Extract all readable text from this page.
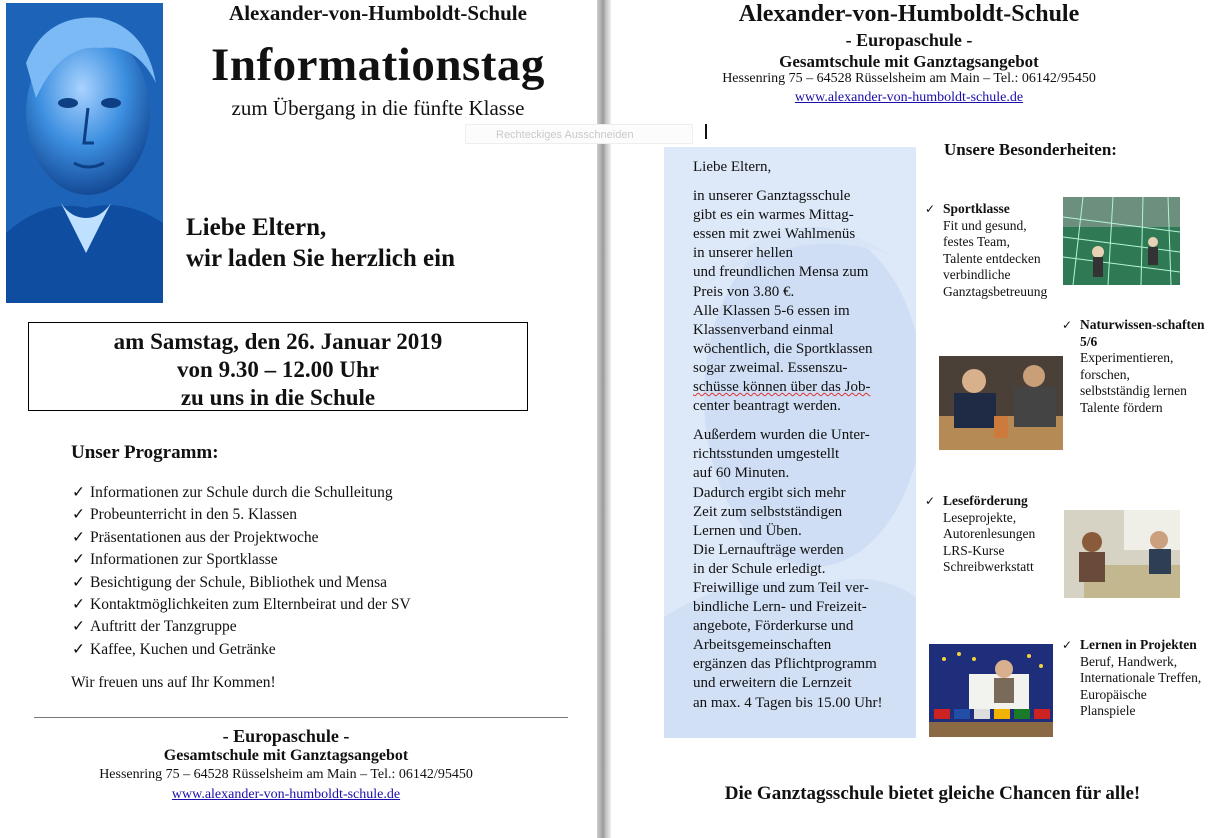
Alexander-von-Humboldt-Schule
Informationstag
zum Übergang in die fünfte Klasse
Liebe Eltern,
wir laden Sie herzlich ein
am Samstag, den 26. Januar 2019
von 9.30 – 12.00 Uhr
zu uns in die Schule
Unser Programm:
✓ Informationen zur Schule durch die Schulleitung
✓ Probeunterricht in den 5. Klassen
✓ Präsentationen aus der Projektwoche
✓ Informationen zur Sportklasse
✓ Besichtigung der Schule, Bibliothek und Mensa
✓ Kontaktmöglichkeiten zum Elternbeirat und der SV
✓ Auftritt der Tanzgruppe
✓ Kaffee, Kuchen und Getränke
Wir freuen uns auf Ihr Kommen!
- Europaschule -
Gesamtschule mit Ganztagsangebot
Hessenring 75 – 64528 Rüsselsheim am Main – Tel.: 06142/95450
www.alexander-von-humboldt-schule.de
Alexander-von-Humboldt-Schule
- Europaschule -
Gesamtschule mit Ganztagsangebot
Hessenring 75 – 64528 Rüsselsheim am Main – Tel.: 06142/95450
www.alexander-von-humboldt-schule.de
Rechteckiges Ausschneiden

Liebe Eltern,

in unserer Ganztagsschule

gibt es ein warmes Mittag-

essen mit zwei Wahlmenüs

in unserer hellen

und freundlichen Mensa zum

Preis von 3.80 €.

Alle Klassen 5-6 essen im

Klassenverband einmal

wöchentlich, die Sportklassen

sogar zweimal. Essenszu-

schüsse können über das Job-

center beantragt werden.

Außerdem wurden die Unter-

richtsstunden umgestellt

auf 60 Minuten.

Dadurch ergibt sich mehr

Zeit zum selbstständigen

Lernen und Üben.

Die Lernaufträge werden

in der Schule erledigt.

Freiwillige und zum Teil ver-

bindliche Lern- und Freizeit-

angebote, Förderkurse und

Arbeitsgemeinschaften

ergänzen das Pflichtprogramm

und erweitern die Lernzeit

an max. 4 Tagen bis 15.00 Uhr!

Unsere Besonderheiten:
✓ Sportklasse
Fit und gesund,
festes Team,
Talente entdecken
verbindliche
Ganztagsbetreuung
✓ Naturwissen-schaften 5/6
Experimentieren,
forschen,
selbstständig lernen
Talente fördern
✓ Leseförderung
Leseprojekte,
Autorenlesungen
LRS-Kurse
Schreibwerkstatt
✓ Lernen in Projekten
Beruf, Handwerk,
Internationale Treffen,
Europäische
Planspiele
Die Ganztagsschule bietet gleiche Chancen für alle!
